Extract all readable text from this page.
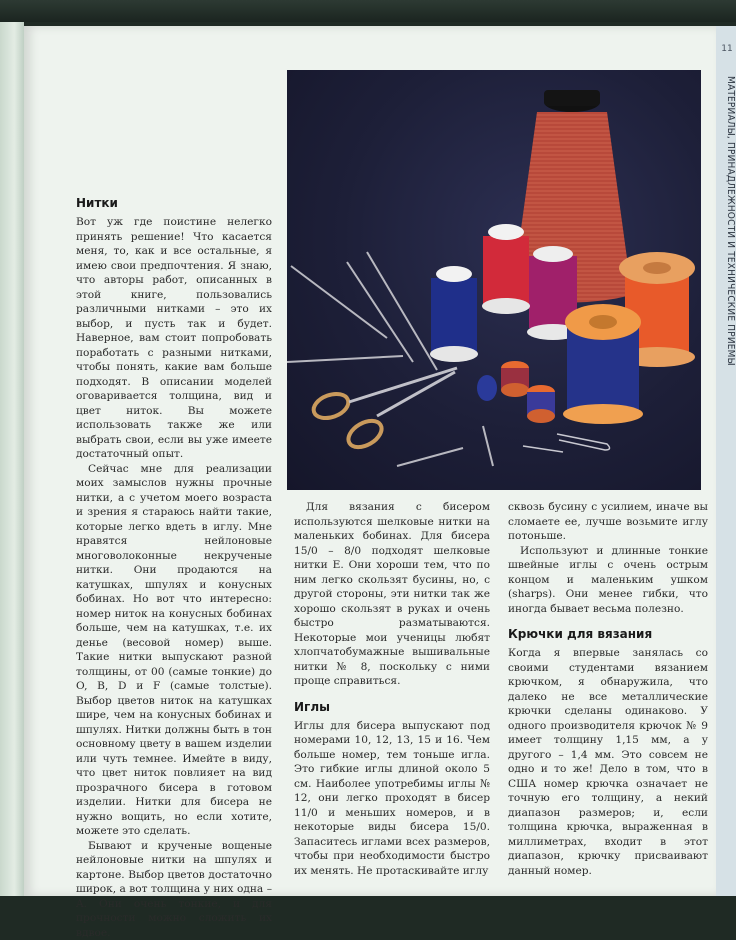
11
МАТЕРИАЛЫ, ПРИНАДЛЕЖНОСТИ И ТЕХНИЧЕСКИЕ ПРИЕМЫ
Нитки

Вот уж где поистине нелегко принять решение! Что касается меня, то, как и все остальные, я имею свои предпочтения. Я знаю, что авторы работ, описанных в этой книге, пользовались различными нитками – это их выбор, и пусть так и будет. Наверное, вам стоит попробовать поработать с разными нитками, чтобы понять, какие вам больше подходят. В описании моделей оговаривается толщина, вид и цвет ниток. Вы можете использовать также же или выбрать свои, если вы уже имеете достаточный опыт.

Сейчас мне для реализации моих замыслов нужны прочные нитки, а с учетом моего возраста и зрения я стараюсь найти такие, которые легко вдеть в иглу. Мне нравятся нейлоновые многоволоконные некрученые нитки. Они продаются на катушках, шпулях и конусных бобинах. Но вот что интересно: номер ниток на конусных бобинах больше, чем на катушках, т.е. их денье (весовой номер) выше. Такие нитки выпускают разной толщины, от 00 (самые тонкие) до O, B, D и F (самые толстые). Выбор цветов ниток на катушках шире, чем на конусных бобинах и шпулях. Нитки должны быть в тон основному цвету в вашем изделии или чуть темнее. Имейте в виду, что цвет ниток повлияет на вид прозрачного бисера в готовом изделии. Нитки для бисера не нужно вощить, но если хотите, можете это сделать.

Бывают и крученые вощеные нейлоновые нитки на шпулях и картоне. Выбор цветов достаточно широк, а вот толщина у них одна – A. Они очень тонкие, и для прочности можно сложить их вдвое.

Для вязания с бисером используются шелковые нитки на маленьких бобинах. Для бисера 15/0 – 8/0 подходят шелковые нитки E. Они хороши тем, что по ним легко скользят бусины, но, с другой стороны, эти нитки так же хорошо скользят в руках и очень быстро разматываются. Некоторые мои ученицы любят хлопчатобумажные вышивальные нитки № 8, поскольку с ними проще справиться.

Иглы

Иглы для бисера выпускают под номерами 10, 12, 13, 15 и 16. Чем больше номер, тем тоньше игла. Это гибкие иглы длиной около 5 см. Наиболее употребимы иглы № 12, они легко проходят в бисер 11/0 и меньших номеров, и в некоторые виды бисера 15/0. Запаситесь иглами всех размеров, чтобы при необходимости быстро их менять. Не протаскивайте иглу

сквозь бусину с усилием, иначе вы сломаете ее, лучше возьмите иглу потоньше.

Используют и длинные тонкие швейные иглы с очень острым концом и маленьким ушком (sharps). Они менее гибки, что иногда бывает весьма полезно.

Крючки для вязания

Когда я впервые занялась со своими студентами вязанием крючком, я обнаружила, что далеко не все металлические крючки сделаны одинаково. У одного производителя крючок № 9 имеет толщину 1,15 мм, а у другого – 1,4 мм. Это совсем не одно и то же! Дело в том, что в США номер крючка означает не точную его толщину, а некий диапазон размеров; и, если толщина крючка, выраженная в миллиметрах, входит в этот диапазон, крючку присваивают данный номер.
